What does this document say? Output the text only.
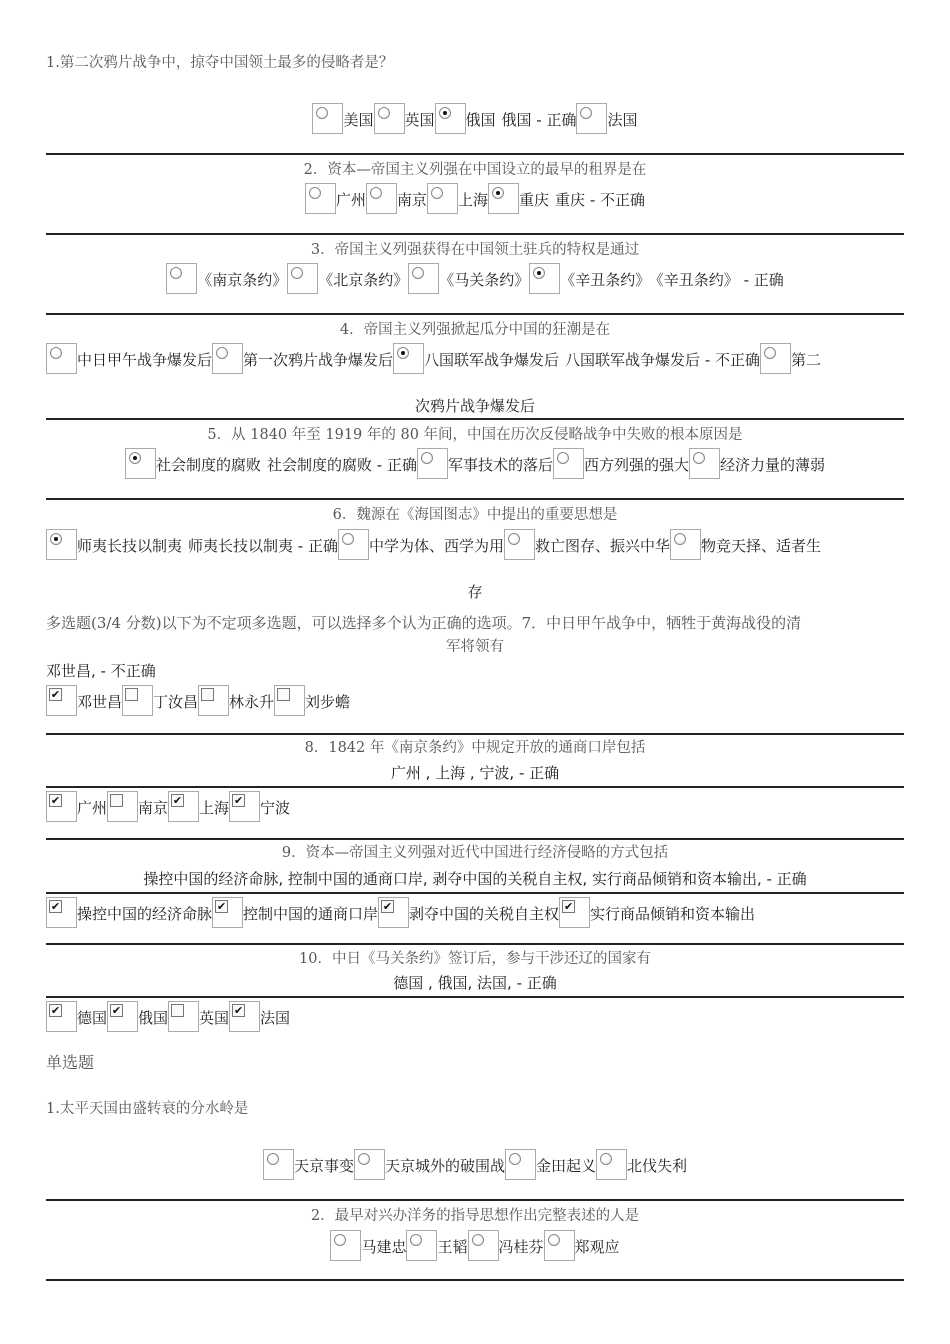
1.第二次鸦片战争中，掠夺中国领土最多的侵略者是？
美国 英国 俄国 俄国 - 正确 法国
2．资本—帝国主义列强在中国设立的最早的租界是在
广州 南京 上海 重庆 重庆 - 不正确
3．帝国主义列强获得在中国领土驻兵的特权是通过
《南京条约》 《北京条约》 《马关条约》 《辛丑条约》 《辛丑条约》 - 正确
4．帝国主义列强掀起瓜分中国的狂潮是在
中日甲午战争爆发后 第一次鸦片战争爆发后 八国联军战争爆发后 八国联军战争爆发后 - 不正确 第二
次鸦片战争爆发后
5．从 1840 年至 1919 年的 80 年间，中国在历次反侵略战争中失败的根本原因是
社会制度的腐败 社会制度的腐败 - 正确 军事技术的落后 西方列强的强大 经济力量的薄弱
6．魏源在《海国图志》中提出的重要思想是
师夷长技以制夷 师夷长技以制夷 - 正确 中学为体、西学为用 救亡图存、振兴中华 物竞天择、适者生
存
多选题(3/4 分数)以下为不定项多选题，可以选择多个认为正确的选项。7．中日甲午战争中，牺牲于黄海战役的清
军将领有
邓世昌, - 不正确
✔ 邓世昌 丁汝昌 林永升 刘步蟾
8．1842 年《南京条约》中规定开放的通商口岸包括
广州 , 上海 , 宁波, - 正确
✔ 广州 南京 ✔ 上海 ✔ 宁波
9．资本—帝国主义列强对近代中国进行经济侵略的方式包括
操控中国的经济命脉, 控制中国的通商口岸, 剥夺中国的关税自主权, 实行商品倾销和资本输出, - 正确
✔ 操控中国的经济命脉 ✔ 控制中国的通商口岸 ✔ 剥夺中国的关税自主权 ✔ 实行商品倾销和资本输出
10．中日《马关条约》签订后，参与干涉还辽的国家有
德国 , 俄国, 法国, - 正确
✔ 德国 ✔ 俄国 英国 ✔ 法国
单选题
1.太平天国由盛转衰的分水岭是
天京事变 天京城外的破围战 金田起义 北伐失利
2．最早对兴办洋务的指导思想作出完整表述的人是
马建忠 王韬 冯桂芬 郑观应
